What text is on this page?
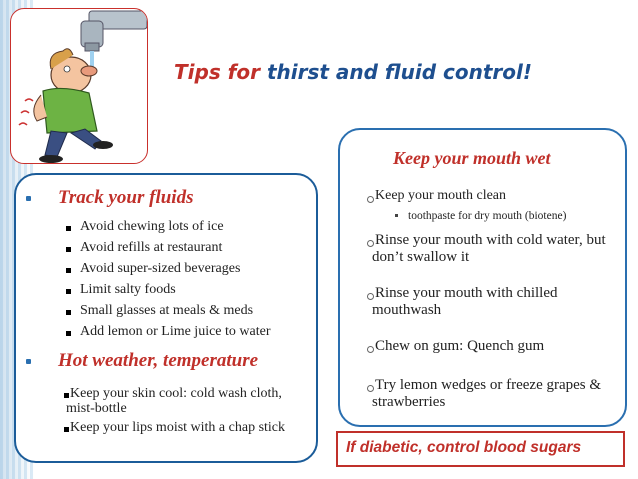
Tips for thirst and fluid control!
Track your fluids
Avoid chewing lots of ice
Avoid refills at restaurant
Avoid super-sized beverages
Limit salty foods
Small glasses at meals & meds
Add lemon or Lime juice to water
Hot weather, temperature
Keep your skin cool: cold wash cloth,
mist-bottle
Keep your lips moist with a chap stick
Keep your mouth wet
Keep your mouth clean
toothpaste for dry mouth (biotene)
Rinse your mouth with cold water, but
don’t swallow it
Rinse your mouth with chilled
mouthwash
Chew on gum: Quench gum
Try lemon wedges or freeze grapes &
strawberries
If diabetic, control blood sugars
